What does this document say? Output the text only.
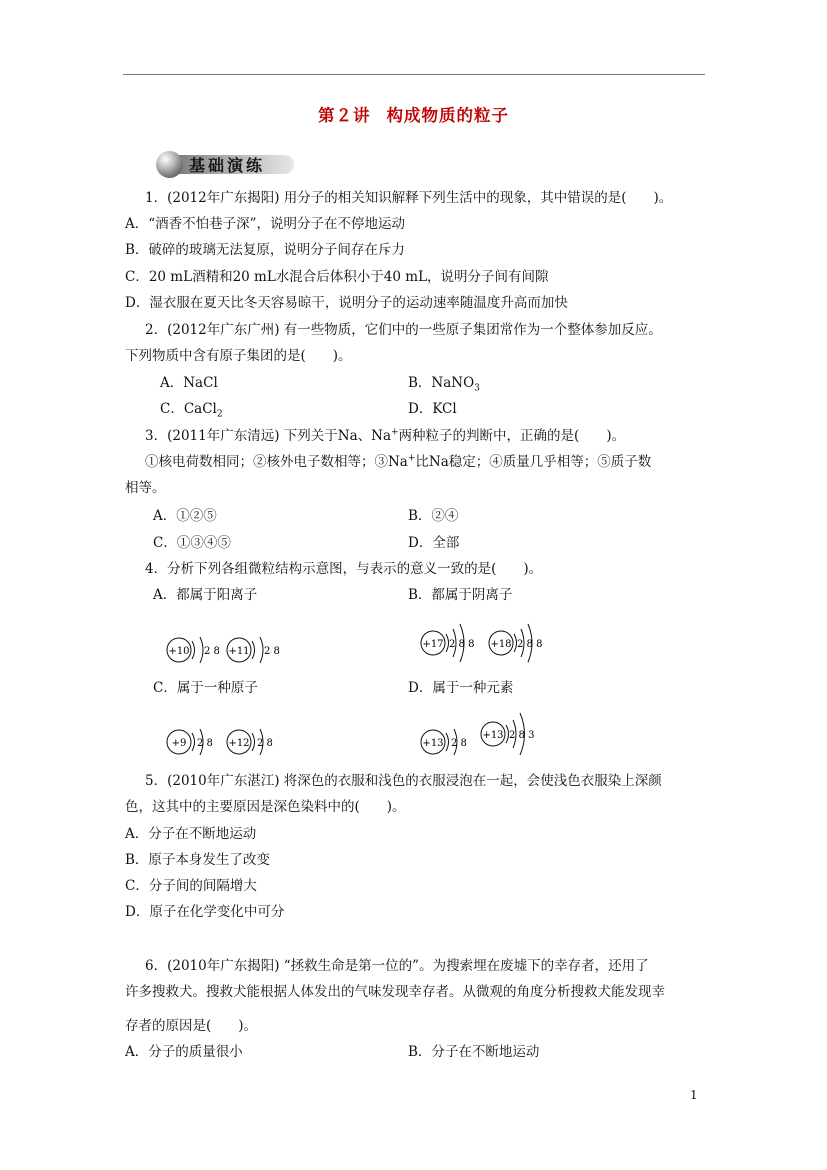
第２讲 构成物质的粒子
基础演练
1．(2012年广东揭阳) 用分子的相关知识解释下列生活中的现象，其中错误的是(　　)。
A．“酒香不怕巷子深”，说明分子在不停地运动
B．破碎的玻璃无法复原，说明分子间存在斥力
C．20 mL酒精和20 mL水混合后体积小于40 mL，说明分子间有间隙
D．湿衣服在夏天比冬天容易晾干，说明分子的运动速率随温度升高而加快
2．(2012年广东广州) 有一些物质，它们中的一些原子集团常作为一个整体参加反应。
下列物质中含有原子集团的是(　　)。
A．NaCl	B．NaNO$_3$
C．CaCl$_2$	D．KCl
3．(2011年广东清远) 下列关于Na、Na+两种粒子的判断中，正确的是(　　)。
①核电荷数相同；②核外电子数相等；③Na+比Na稳定；④质量几乎相等；⑤质子数
相等。
A．①②⑤	B．②④
C．①③④⑤	D．全部
4．分析下列各组微粒结构示意图，与表示的意义一致的是(　　)。
A．都属于阳离子	B．都属于阴离子
+10 2 8 +11 2 8
+17 2 8 8 +18 2 8 8
C．属于一种原子	D．属于一种元素
+9 2 8 +12 2 8	+13 2 8
+13 2 8 3
5．(2010年广东湛江) 将深色的衣服和浅色的衣服浸泡在一起，会使浅色衣服染上深颜
色，这其中的主要原因是深色染料中的(　　)。
A．分子在不断地运动
B．原子本身发生了改变
C．分子间的间隔增大
D．原子在化学变化中可分
6．(2010年广东揭阳) “拯救生命是第一位的”。为搜索埋在废墟下的幸存者，还用了
许多搜救犬。搜救犬能根据人体发出的气味发现幸存者。从微观的角度分析搜救犬能发现幸
存者的原因是(　　)。
A．分子的质量很小	B．分子在不断地运动
1
